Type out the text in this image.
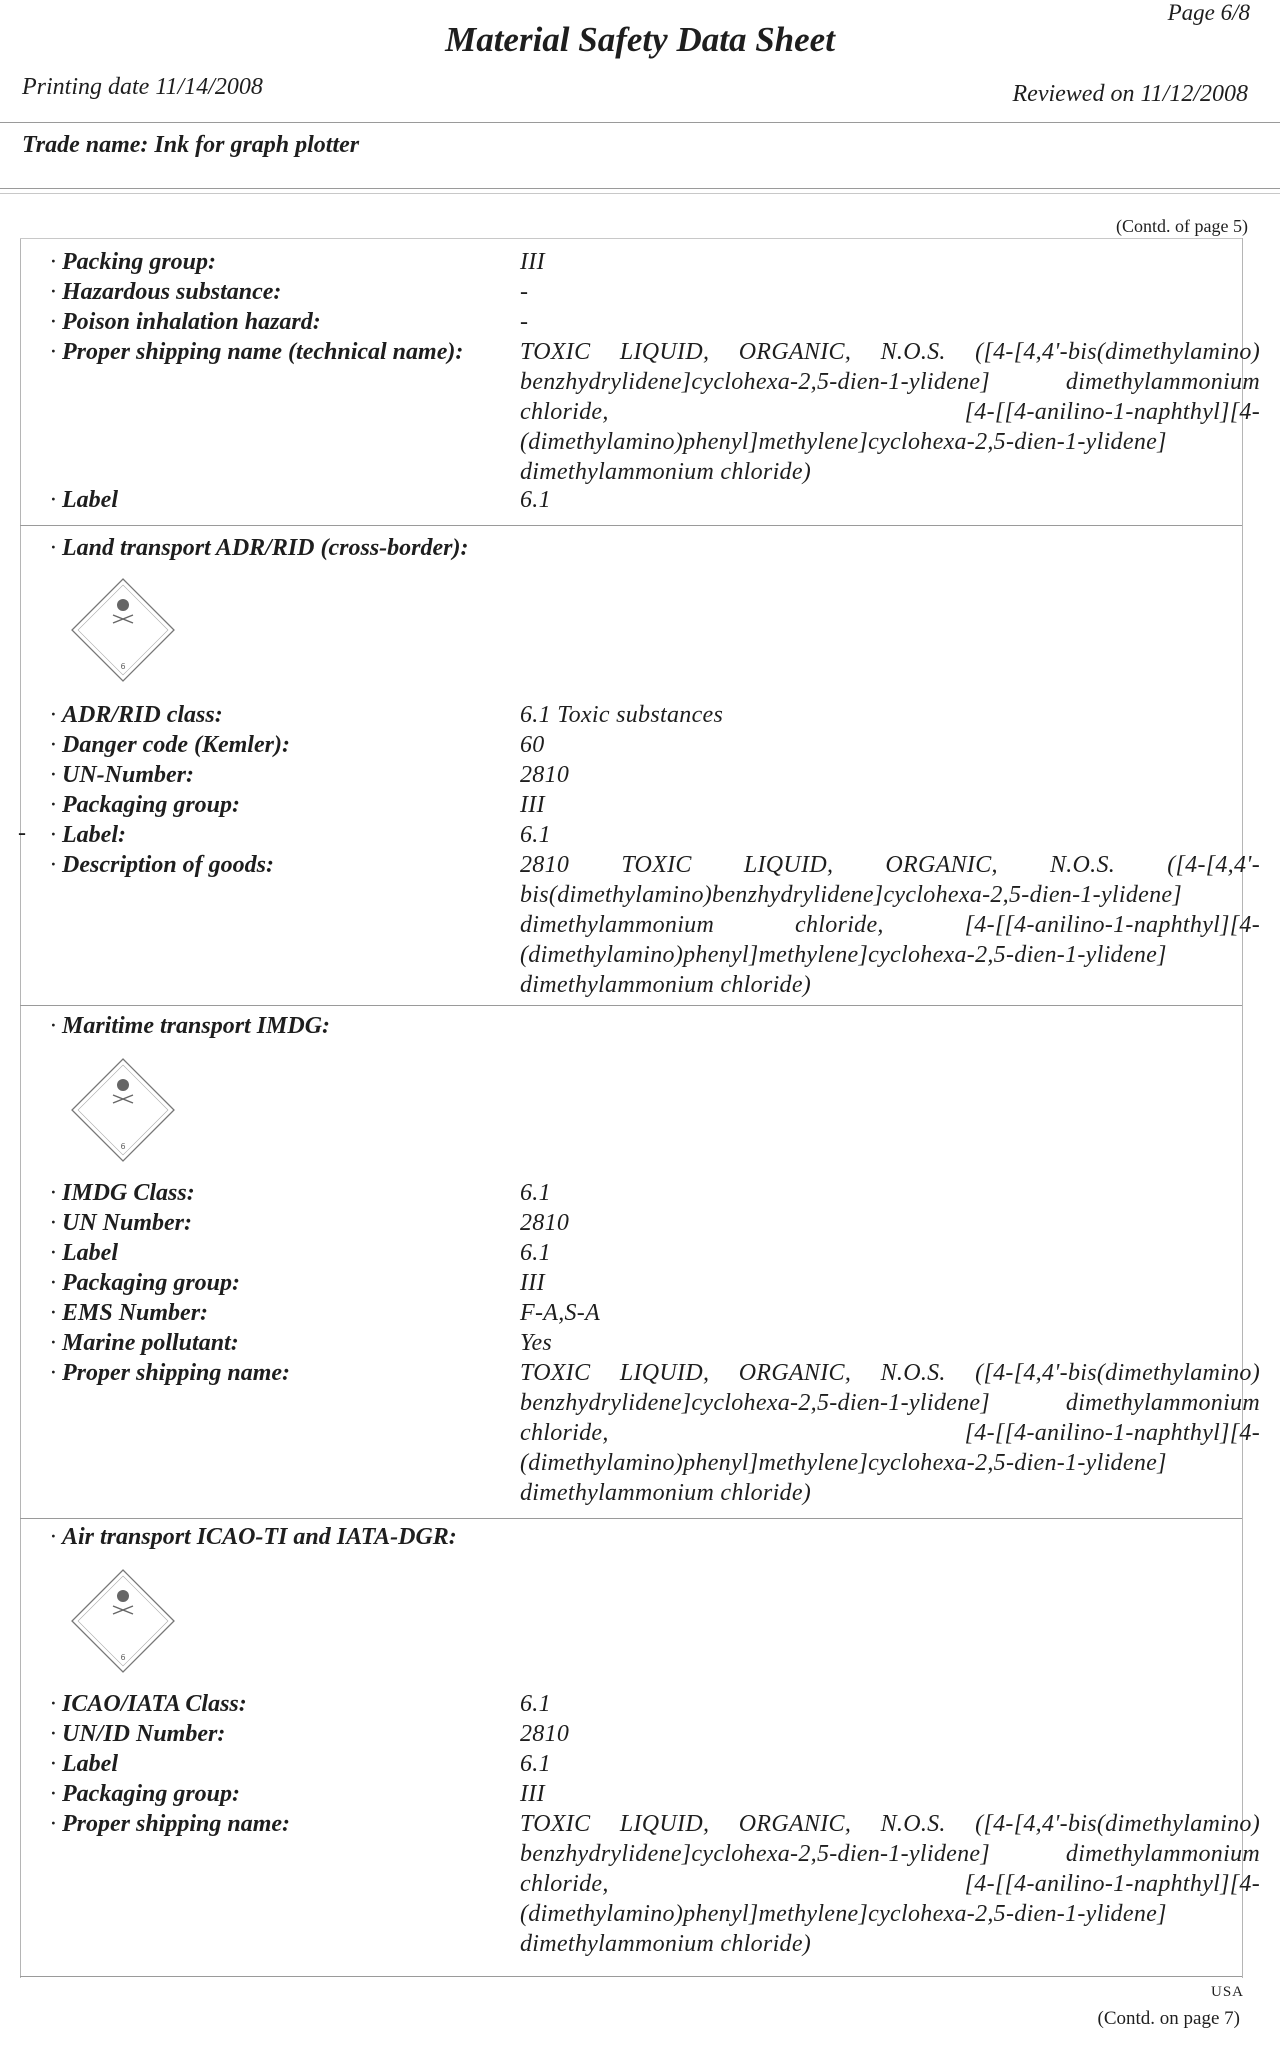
Page 6/8
Material Safety Data Sheet
Printing date 11/14/2008	Reviewed on 11/12/2008
Trade name: Ink for graph plotter
(Contd. of page 5)
· Packing group:	III
· Hazardous substance:	-
· Poison inhalation hazard:	-
· Proper shipping name (technical name): TOXIC LIQUID, ORGANIC, N.O.S. ([4-[4,4'-bis(dimethylamino) benzhydrylidene]cyclohexa-2,5-dien-1-ylidene] dimethylammonium chloride, [4-[[4-anilino-1-naphthyl][4-(dimethylamino)phenyl]methylene]cyclohexa-2,5-dien-1-ylidene] dimethylammonium chloride)
· Label	6.1
· Land transport ADR/RID (cross-border):
6
· ADR/RID class:	6.1 Toxic substances
· Danger code (Kemler):	60
· UN-Number:	2810
· Packaging group:	III
· Label:	6.1
· Description of goods:	2810 TOXIC LIQUID, ORGANIC, N.O.S. ([4-[4,4'-bis(dimethylamino)benzhydrylidene]cyclohexa-2,5-dien-1-ylidene] dimethylammonium chloride, [4-[[4-anilino-1-naphthyl][4-(dimethylamino)phenyl]methylene]cyclohexa-2,5-dien-1-ylidene] dimethylammonium chloride)
-
· Maritime transport IMDG:
6
· IMDG Class:	6.1
· UN Number:	2810
· Label	6.1
· Packaging group:	III
· EMS Number:	F-A,S-A
· Marine pollutant:	Yes
· Proper shipping name:	TOXIC LIQUID, ORGANIC, N.O.S. ([4-[4,4'-bis(dimethylamino) benzhydrylidene]cyclohexa-2,5-dien-1-ylidene] dimethylammonium chloride, [4-[[4-anilino-1-naphthyl][4-(dimethylamino)phenyl]methylene]cyclohexa-2,5-dien-1-ylidene] dimethylammonium chloride)
· Air transport ICAO-TI and IATA-DGR:
6
· ICAO/IATA Class:	6.1
· UN/ID Number:	2810
· Label	6.1
· Packaging group:	III
· Proper shipping name:	TOXIC LIQUID, ORGANIC, N.O.S. ([4-[4,4'-bis(dimethylamino) benzhydrylidene]cyclohexa-2,5-dien-1-ylidene] dimethylammonium chloride, [4-[[4-anilino-1-naphthyl][4-(dimethylamino)phenyl]methylene]cyclohexa-2,5-dien-1-ylidene] dimethylammonium chloride)
USA
(Contd. on page 7)
